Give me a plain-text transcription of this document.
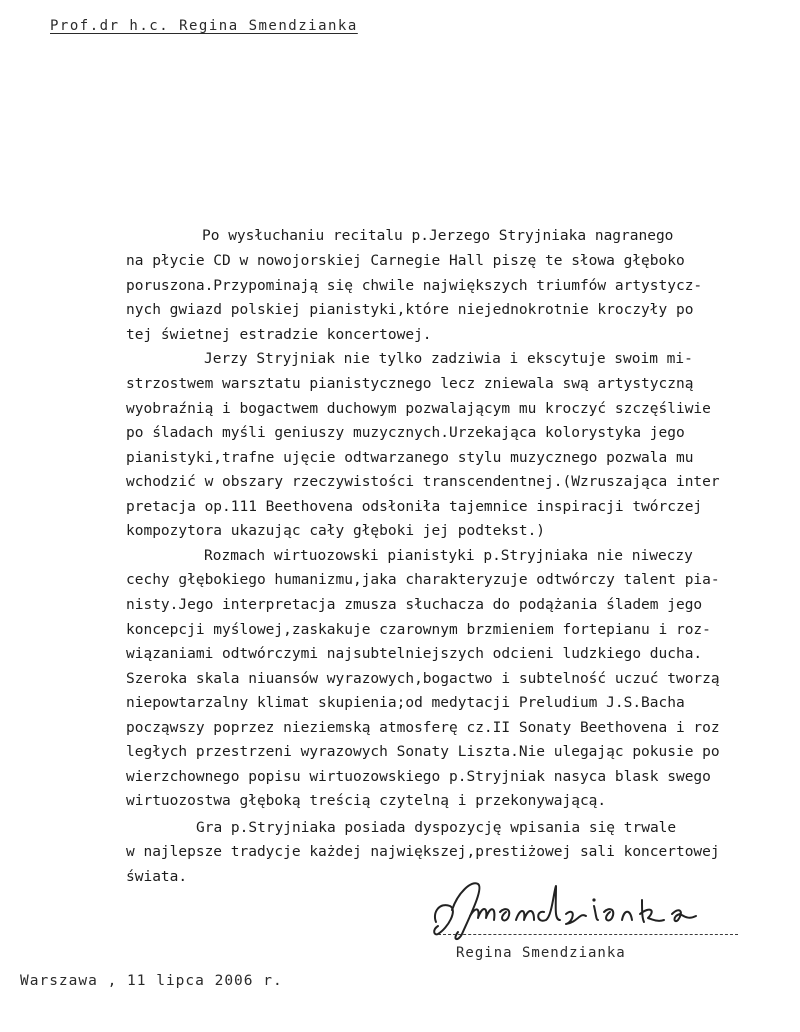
Prof.dr h.c. Regina Smendzianka

Po wysłuchaniu recitalu p.Jerzego Stryjniaka nagranego

na płycie CD w nowojorskiej Carnegie Hall piszę te słowa głęboko

poruszona.Przypominają się chwile największych triumfów artystycz-

nych gwiazd polskiej pianistyki,które niejednokrotnie kroczyły po

tej świetnej estradzie koncertowej.

Jerzy Stryjniak nie tylko zadziwia i ekscytuje swoim mi-

strzostwem warsztatu pianistycznego lecz zniewala swą artystyczną

wyobraźnią i bogactwem duchowym pozwalającym mu kroczyć szczęśliwie

po śladach myśli geniuszy muzycznych.Urzekająca kolorystyka jego

pianistyki,trafne ujęcie odtwarzanego stylu muzycznego pozwala mu

wchodzić w obszary rzeczywistości transcendentnej.(Wzruszająca inter

pretacja op.111 Beethovena odsłoniła tajemnice inspiracji twórczej

kompozytora ukazując cały głęboki jej podtekst.)

Rozmach wirtuozowski pianistyki p.Stryjniaka nie niweczy

cechy głębokiego humanizmu,jaka charakteryzuje odtwórczy talent pia-

nisty.Jego interpretacja zmusza słuchacza do podążania śladem jego

koncepcji myślowej,zaskakuje czarownym brzmieniem fortepianu i roz-

wiązaniami odtwórczymi najsubtelniejszych odcieni ludzkiego ducha.

Szeroka skala niuansów wyrazowych,bogactwo i subtelność uczuć tworzą

niepowtarzalny klimat skupienia;od medytacji Preludium J.S.Bacha

począwszy poprzez nieziemską atmosferę cz.II Sonaty Beethovena i roz

ległych przestrzeni wyrazowych Sonaty Liszta.Nie ulegając pokusie po

wierzchownego popisu wirtuozowskiego p.Stryjniak nasyca blask swego

wirtuozostwa głęboką treścią czytelną i przekonywającą.

Gra p.Stryjniaka posiada dyspozycję wpisania się trwale

w najlepsze tradycje każdej największej,prestiżowej sali koncertowej

świata.

Regina Smendzianka
Warszawa , 11 lipca 2006 r.
